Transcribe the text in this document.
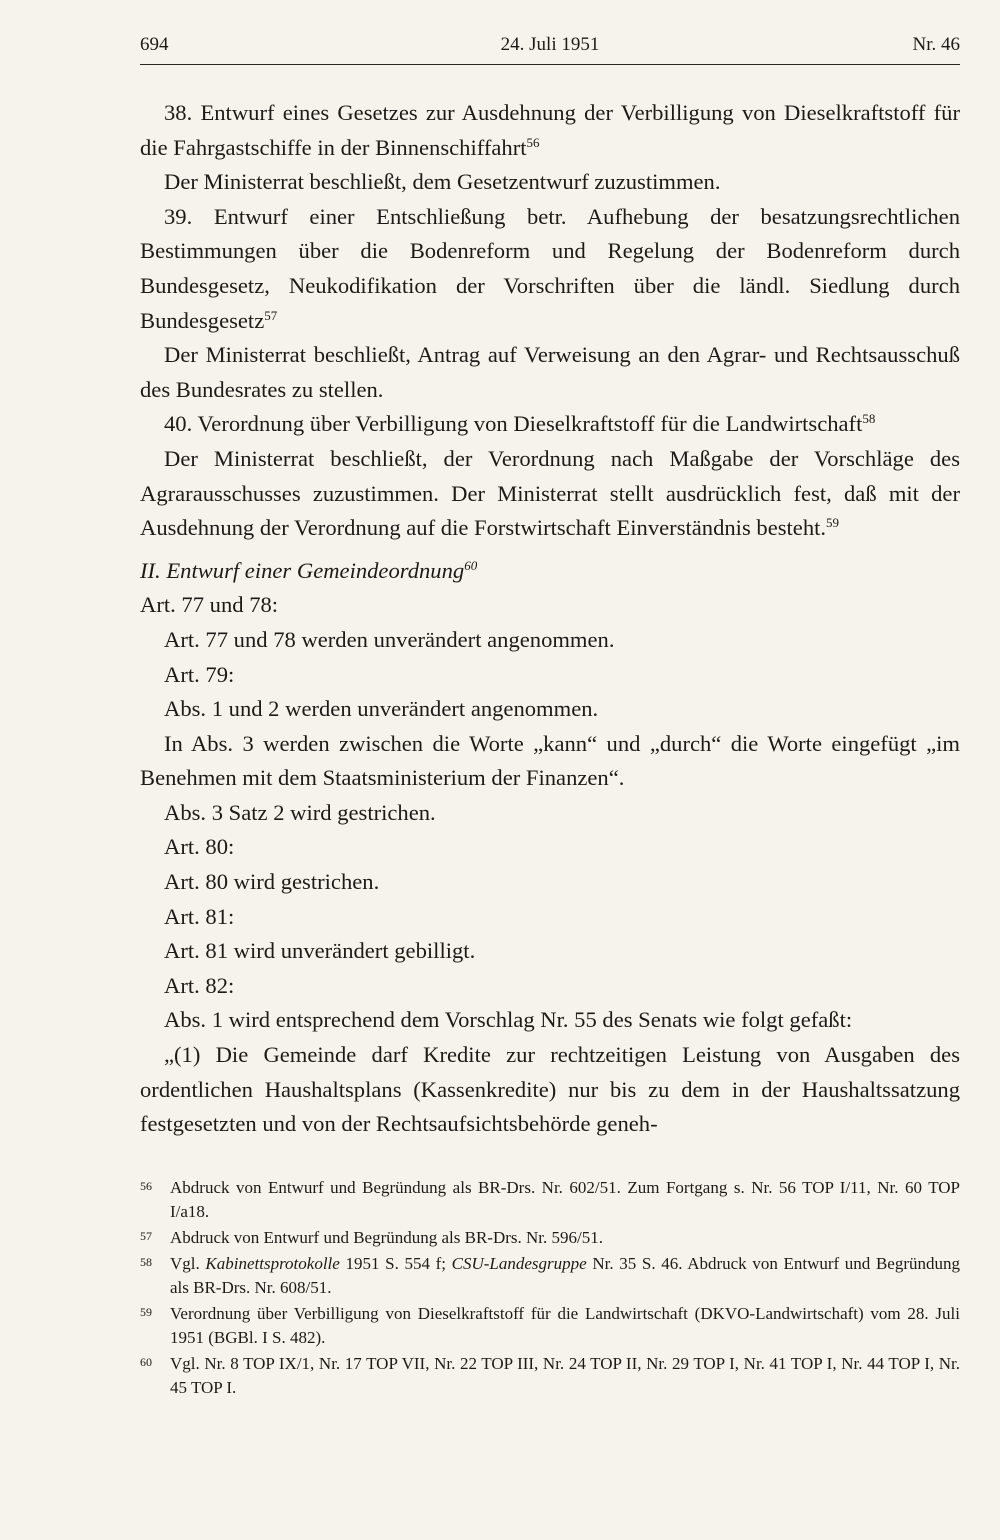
694	24. Juli 1951	Nr. 46

38. Entwurf eines Gesetzes zur Ausdehnung der Verbilligung von Dieselkraftstoff für die Fahrgastschiffe in der Binnenschiffahrt$^{56}$

Der Ministerrat beschließt, dem Gesetzentwurf zuzustimmen.

39. Entwurf einer Entschließung betr. Aufhebung der besatzungsrechtlichen Bestimmungen über die Bodenreform und Regelung der Bodenreform durch Bundesgesetz, Neukodifikation der Vorschriften über die ländl. Siedlung durch Bundesgesetz$^{57}$

Der Ministerrat beschließt, Antrag auf Verweisung an den Agrar- und Rechtsausschuß des Bundesrates zu stellen.

40. Verordnung über Verbilligung von Dieselkraftstoff für die Landwirtschaft$^{58}$

Der Ministerrat beschließt, der Verordnung nach Maßgabe der Vorschläge des Agrarausschusses zuzustimmen. Der Ministerrat stellt ausdrücklich fest, daß mit der Ausdehnung der Verordnung auf die Forstwirtschaft Einverständnis besteht.$^{59}$

II. Entwurf einer Gemeindeordnung$^{60}$

Art. 77 und 78:

Art. 77 und 78 werden unverändert angenommen.

Art. 79:

Abs. 1 und 2 werden unverändert angenommen.

In Abs. 3 werden zwischen die Worte „kann“ und „durch“ die Worte eingefügt „im Benehmen mit dem Staatsministerium der Finanzen“.

Abs. 3 Satz 2 wird gestrichen.

Art. 80:

Art. 80 wird gestrichen.

Art. 81:

Art. 81 wird unverändert gebilligt.

Art. 82:

Abs. 1 wird entsprechend dem Vorschlag Nr. 55 des Senats wie folgt gefaßt:

„(1) Die Gemeinde darf Kredite zur rechtzeitigen Leistung von Ausgaben des ordentlichen Haushaltsplans (Kassenkredite) nur bis zu dem in der Haushaltssatzung festgesetzten und von der Rechtsaufsichtsbehörde geneh-

56 Abdruck von Entwurf und Begründung als BR-Drs. Nr. 602/51. Zum Fortgang s. Nr. 56 TOP I/11, Nr. 60 TOP I/a18.
57 Abdruck von Entwurf und Begründung als BR-Drs. Nr. 596/51.
58 Vgl. Kabinettsprotokolle 1951 S. 554 f; CSU-Landesgruppe Nr. 35 S. 46. Abdruck von Entwurf und Begründung als BR-Drs. Nr. 608/51.
59 Verordnung über Verbilligung von Dieselkraftstoff für die Landwirtschaft (DKVO-Landwirtschaft) vom 28. Juli 1951 (BGBl. I S. 482).
60 Vgl. Nr. 8 TOP IX/1, Nr. 17 TOP VII, Nr. 22 TOP III, Nr. 24 TOP II, Nr. 29 TOP I, Nr. 41 TOP I, Nr. 44 TOP I, Nr. 45 TOP I.
